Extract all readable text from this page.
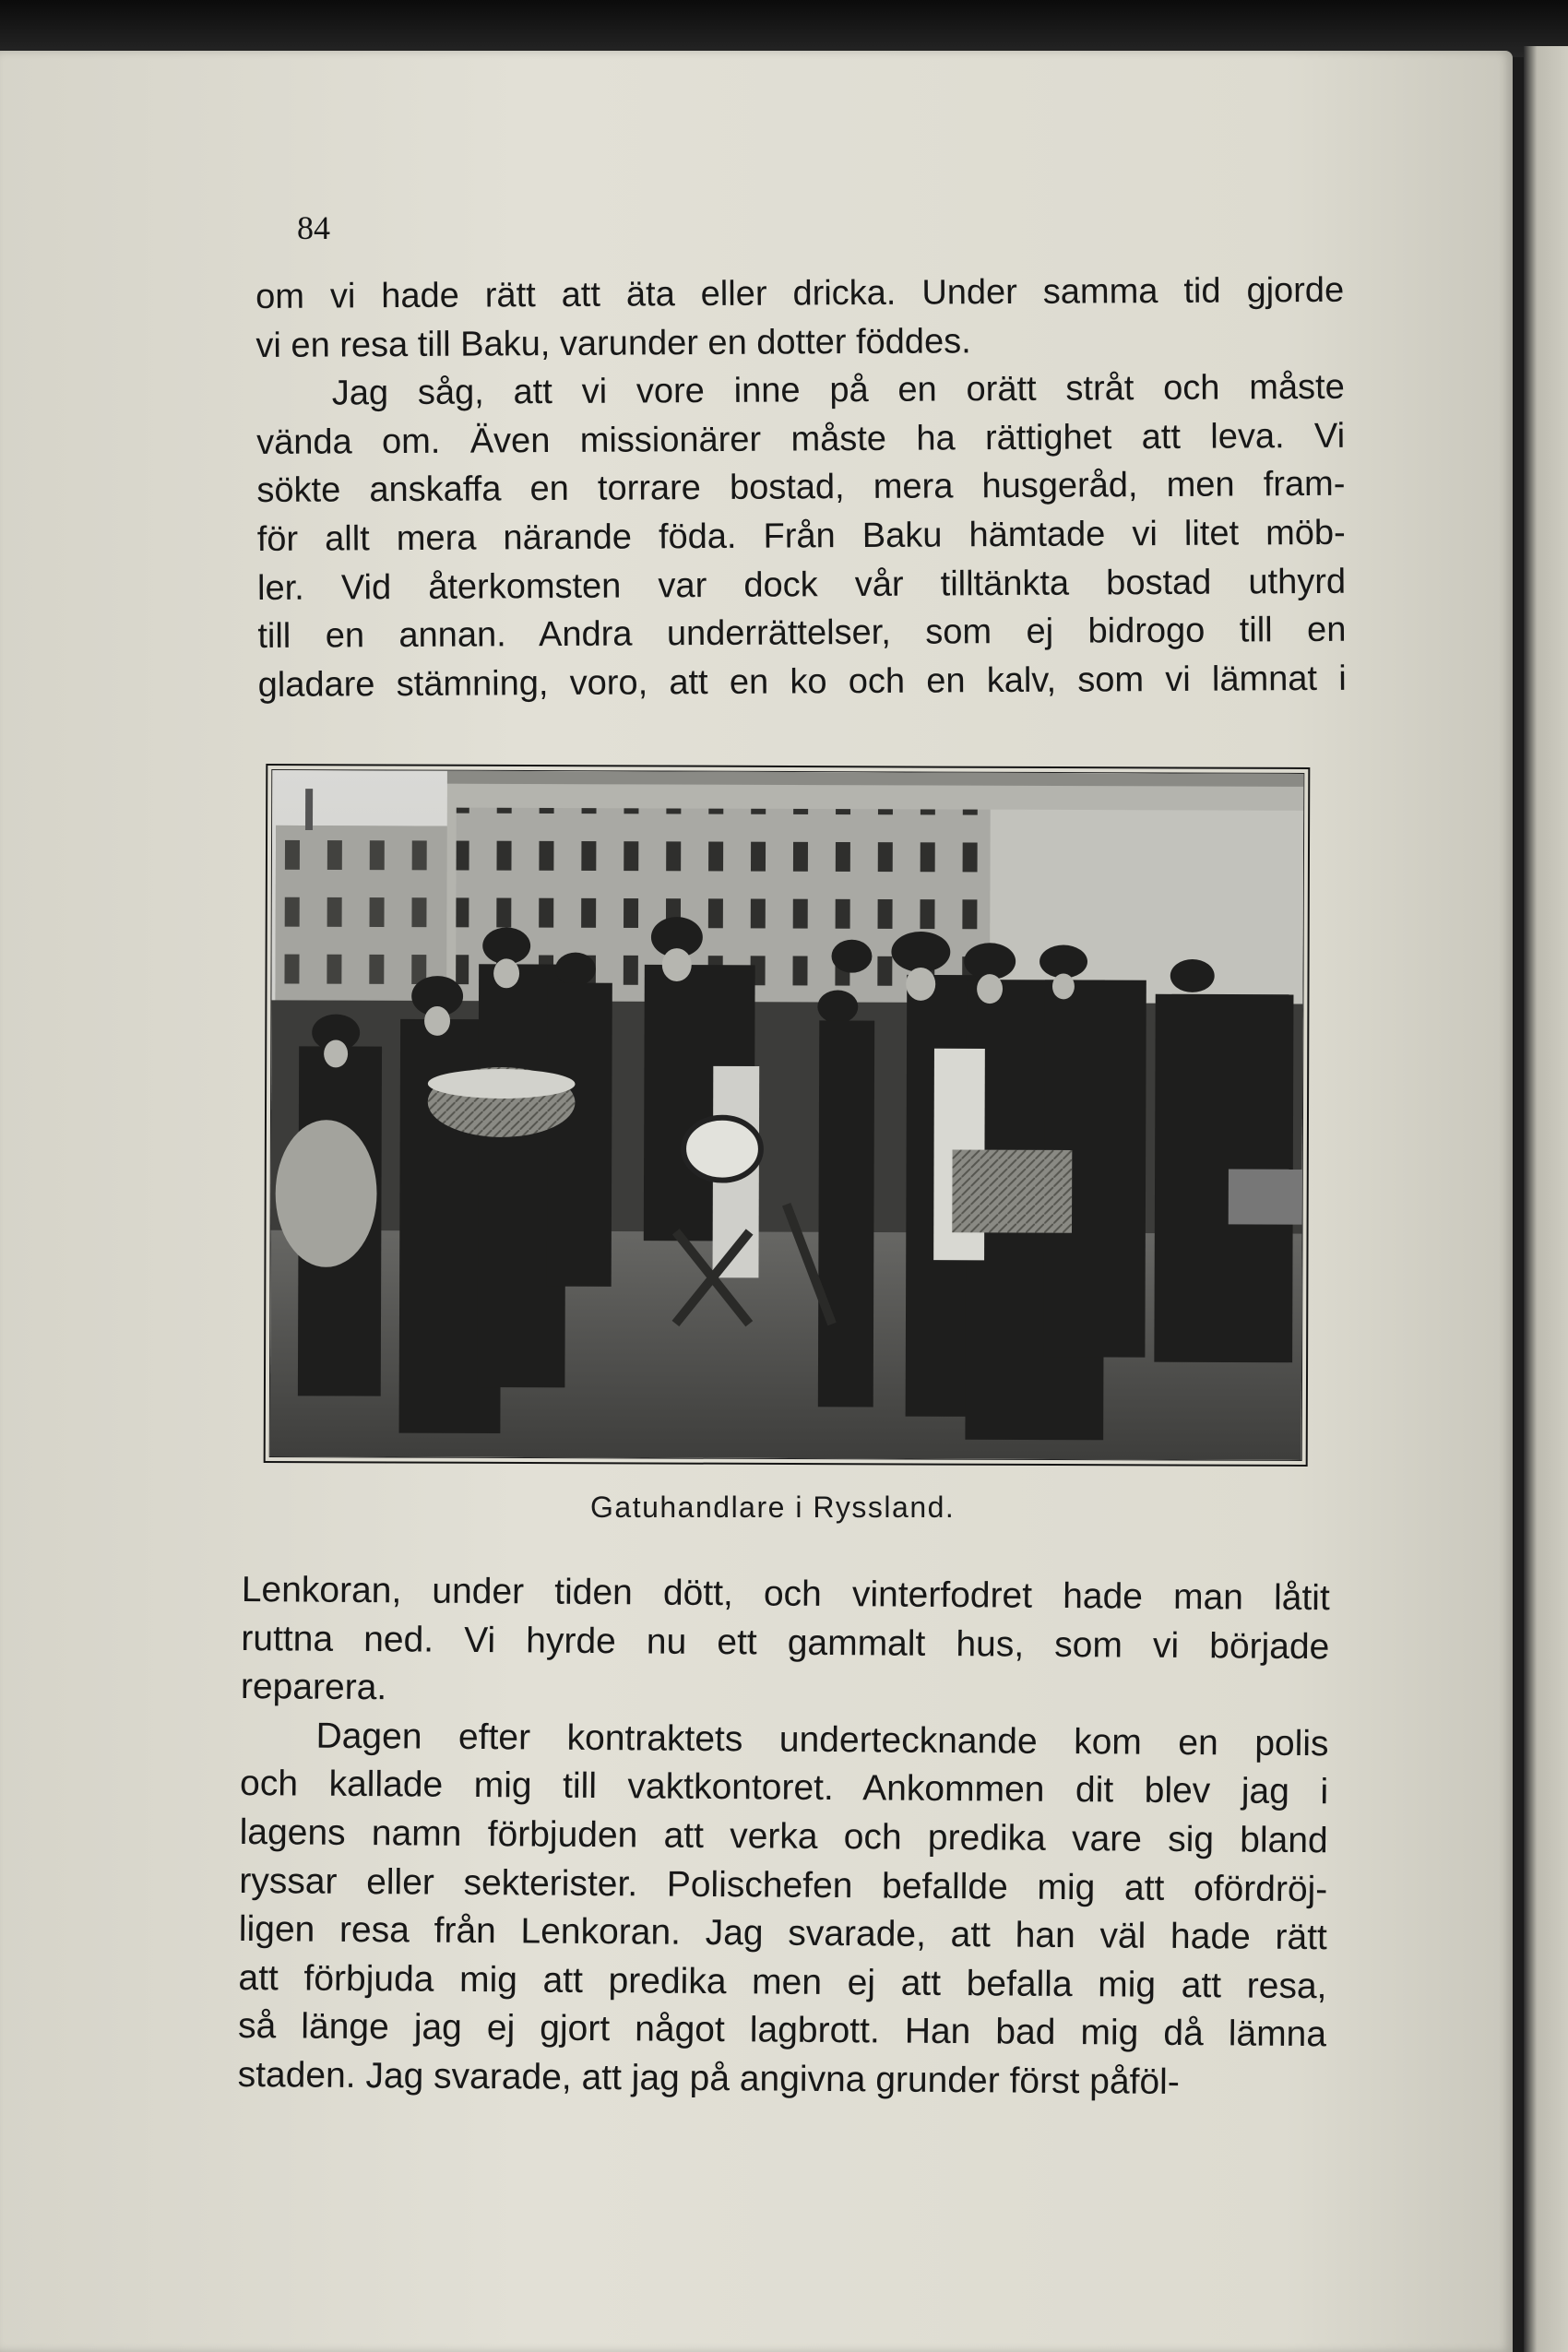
84

om vi hade rätt att äta eller dricka. Under samma tid gjorde
vi en resa till Baku, varunder en dotter föddes.

Jag såg, att vi vore inne på en orätt stråt och måste
vända om. Även missionärer måste ha rättighet att leva. Vi
sökte anskaffa en torrare bostad, mera husgeråd, men fram-
för allt mera närande föda. Från Baku hämtade vi litet möb-
ler. Vid återkomsten var dock vår tilltänkta bostad uthyrd
till en annan. Andra underrättelser, som ej bidrogo till en
gladare stämning, voro, att en ko och en kalv, som vi lämnat i

Gatuhandlare i Ryssland.

Lenkoran, under tiden dött, och vinterfodret hade man låtit
ruttna ned. Vi hyrde nu ett gammalt hus, som vi började
reparera.

Dagen efter kontraktets undertecknande kom en polis
och kallade mig till vaktkontoret. Ankommen dit blev jag i
lagens namn förbjuden att verka och predika vare sig bland
ryssar eller sekterister. Polischefen befallde mig att ofördröj-
ligen resa från Lenkoran. Jag svarade, att han väl hade rätt
att förbjuda mig att predika men ej att befalla mig att resa,
så länge jag ej gjort något lagbrott. Han bad mig då lämna
staden. Jag svarade, att jag på angivna grunder först påföl-
